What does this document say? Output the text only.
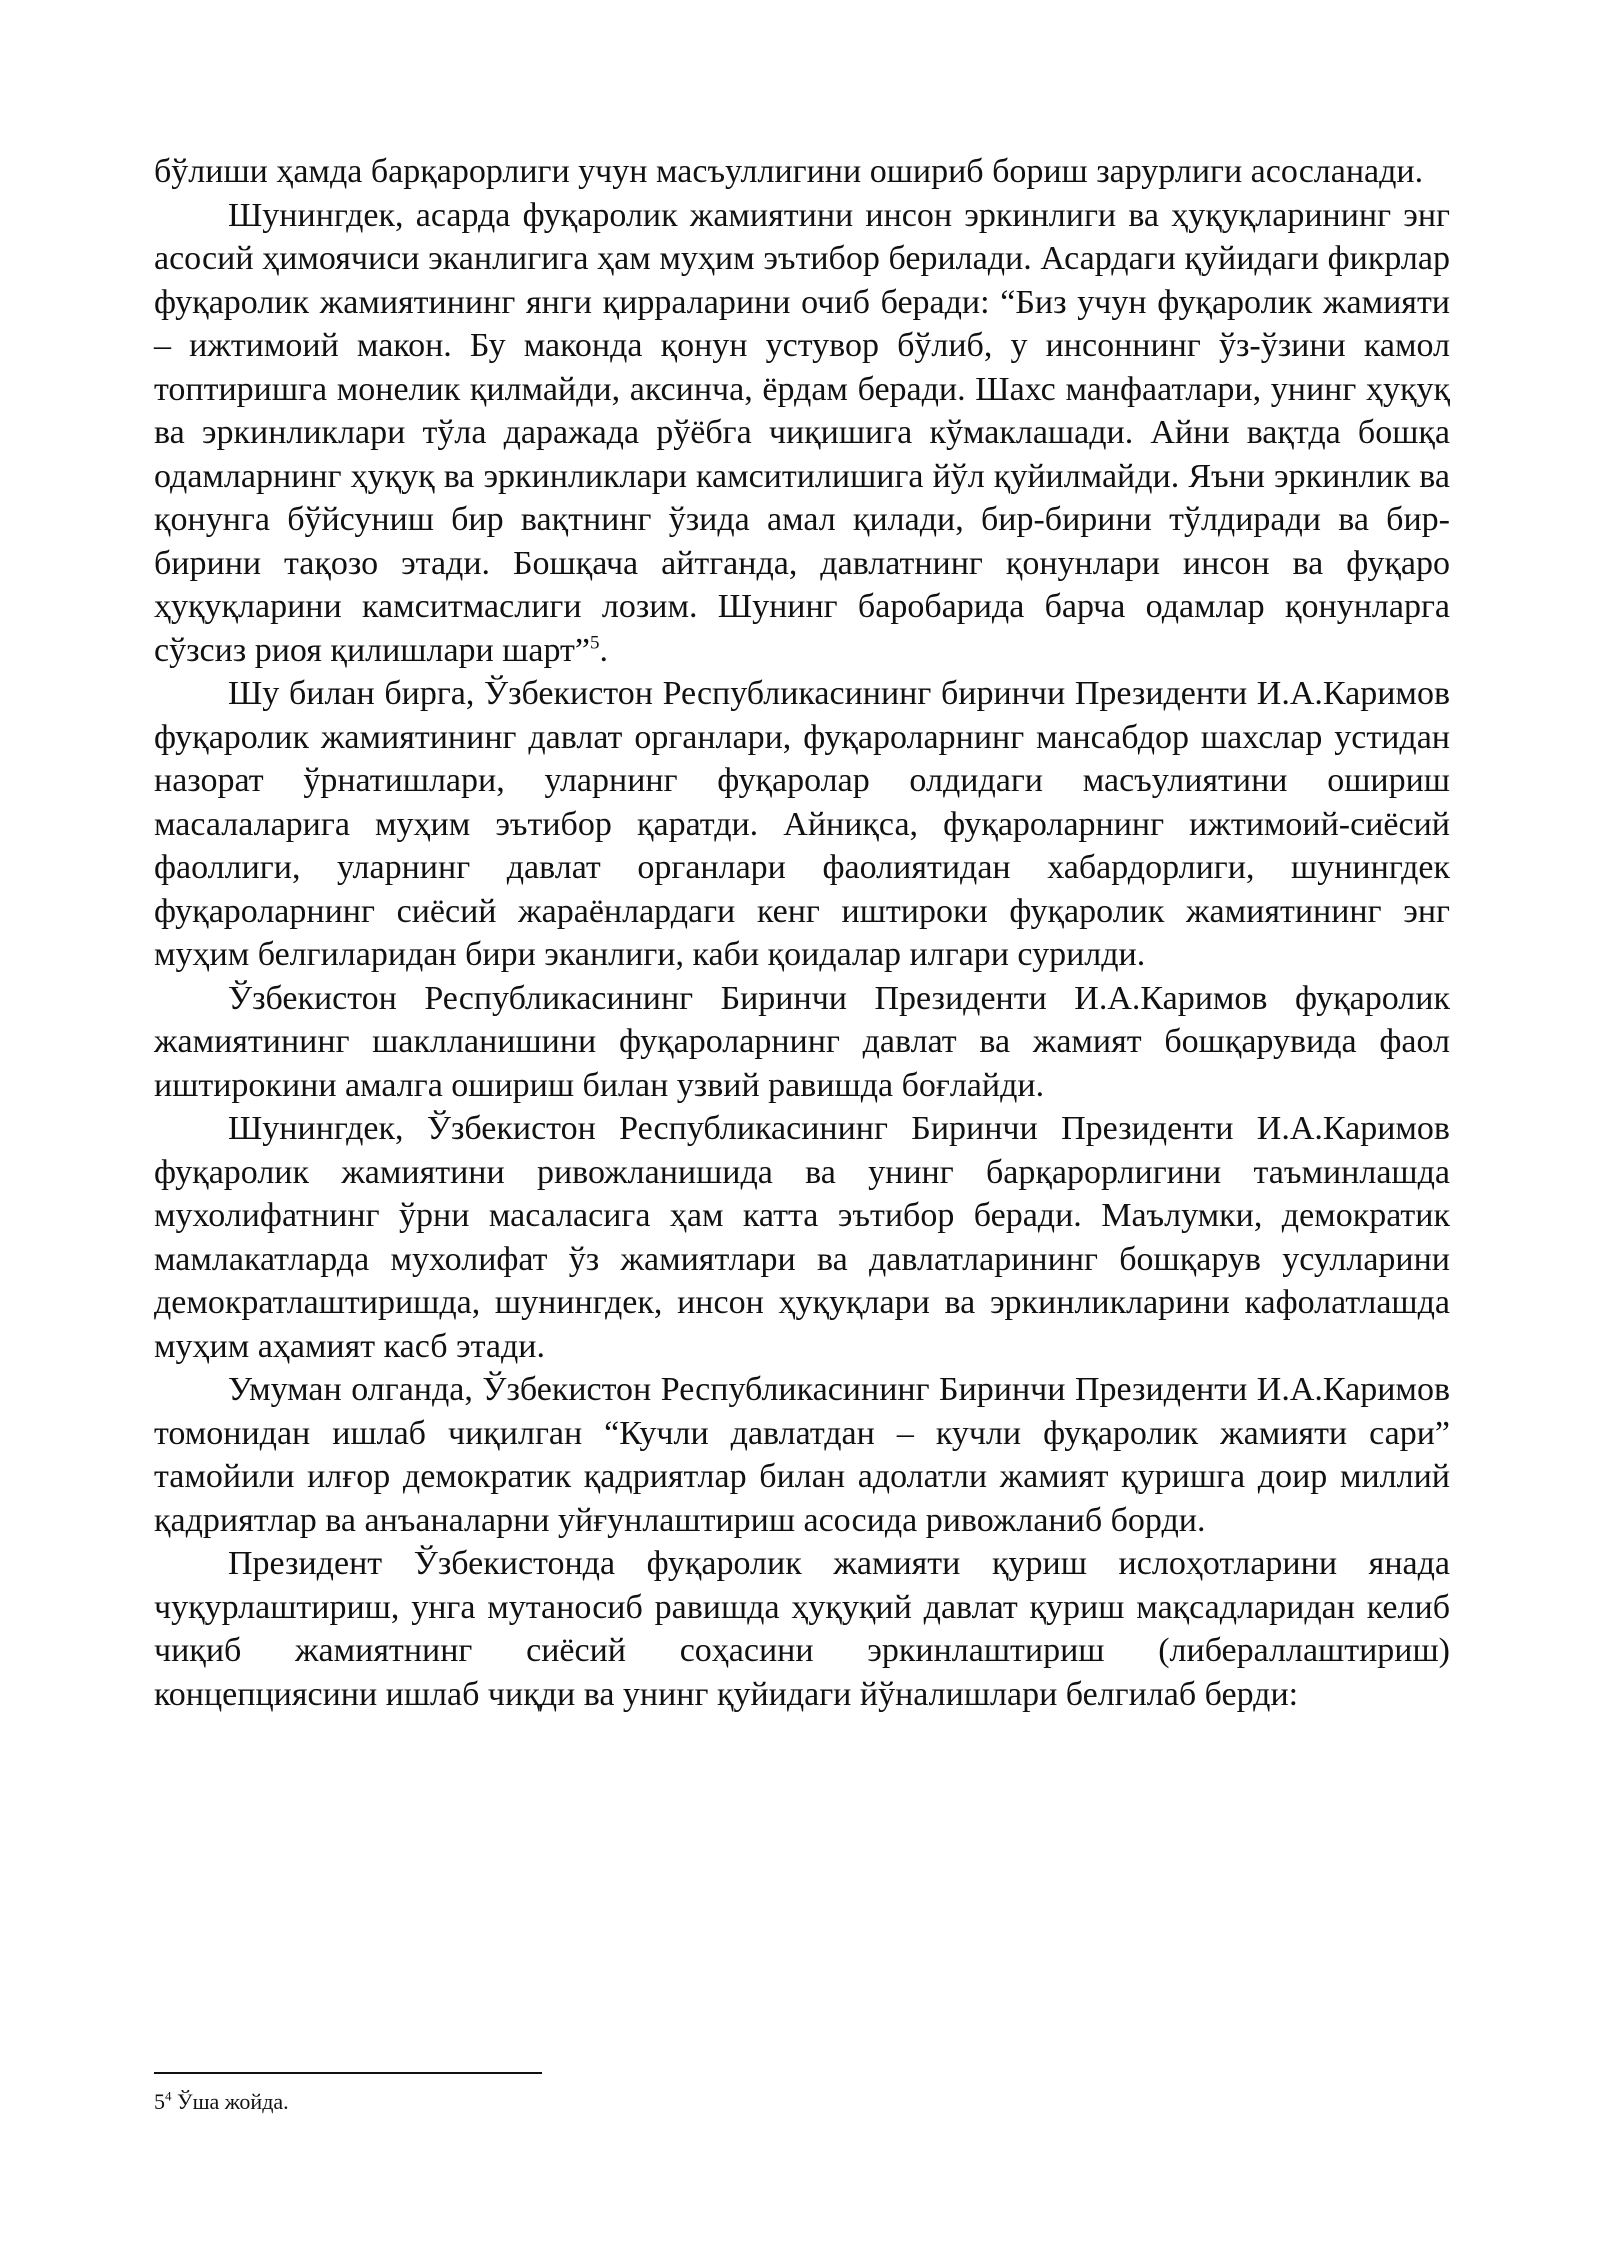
бўлиши ҳамда барқарорлиги учун масъуллигини ошириб бориш зарурлиги асосланади.

Шунингдек, асарда фуқаролик жамиятини инсон эркинлиги ва ҳуқуқларининг энг асосий ҳимоячиси эканлигига ҳам муҳим эътибор берилади. Асардаги қуйидаги фикрлар фуқаролик жамиятининг янги қирраларини очиб беради: “Биз учун фуқаролик жамияти – ижтимоий макон. Бу маконда қонун устувор бўлиб, у инсоннинг ўз-ўзини камол топтиришга монелик қилмайди, аксинча, ёрдам беради. Шахс манфаатлари, унинг ҳуқуқ ва эркинликлари тўла даражада рўёбга чиқишига кўмаклашади. Айни вақтда бошқа одамларнинг ҳуқуқ ва эркинликлари камситилишига йўл қуйилмайди. Яъни эркинлик ва қонунга бўйсуниш бир вақтнинг ўзида амал қилади, бир-бирини тўлдиради ва бир-бирини тақозо этади. Бошқача айтганда, давлатнинг қонунлари инсон ва фуқаро ҳуқуқларини камситмаслиги лозим. Шунинг баробарида барча одамлар қонунларга сўзсиз риоя қилишлари шарт”$^5$.

Шу билан бирга, Ўзбекистон Республикасининг биринчи Президенти И.А.Каримов фуқаролик жамиятининг давлат органлари, фуқароларнинг мансабдор шахслар устидан назорат ўрнатишлари, уларнинг фуқаролар олдидаги масъулиятини ошириш масалаларига муҳим эътибор қаратди. Айниқса, фуқароларнинг ижтимоий-сиёсий фаоллиги, уларнинг давлат органлари фаолиятидан хабардорлиги, шунингдек фуқароларнинг сиёсий жараёнлардаги кенг иштироки фуқаролик жамиятининг энг муҳим белгиларидан бири эканлиги, каби қоидалар илгари сурилди.

Ўзбекистон Республикасининг Биринчи Президенти И.А.Каримов фуқаролик жамиятининг шаклланишини фуқароларнинг давлат ва жамият бошқарувида фаол иштирокини амалга ошириш билан узвий равишда боғлайди.

Шунингдек, Ўзбекистон Республикасининг Биринчи Президенти И.А.Каримов фуқаролик жамиятини ривожланишида ва унинг барқарорлигини таъминлашда мухолифатнинг ўрни масаласига ҳам катта эътибор беради. Маълумки, демократик мамлакатларда мухолифат ўз жамиятлари ва давлатларининг бошқарув усулларини демократлаштиришда, шунингдек, инсон ҳуқуқлари ва эркинликларини кафолатлашда муҳим аҳамият касб этади.

Умуман олганда, Ўзбекистон Республикасининг Биринчи Президенти И.А.Каримов томонидан ишлаб чиқилган “Кучли давлатдан – кучли фуқаролик жамияти сари” тамойили илғор демократик қадриятлар билан адолатли жамият қуришга доир миллий қадриятлар ва анъаналарни уйғунлаштириш асосида ривожланиб борди.

Президент Ўзбекистонда фуқаролик жамияти қуриш ислоҳотларини янада чуқурлаштириш, унга мутаносиб равишда ҳуқуқий давлат қуриш мақсадларидан келиб чиқиб жамиятнинг сиёсий соҳасини эркинлаштириш (либераллаштириш) концепциясини ишлаб чиқди ва унинг қуйидаги йўналишлари белгилаб берди:

$5^4$ Ўша жойда.
